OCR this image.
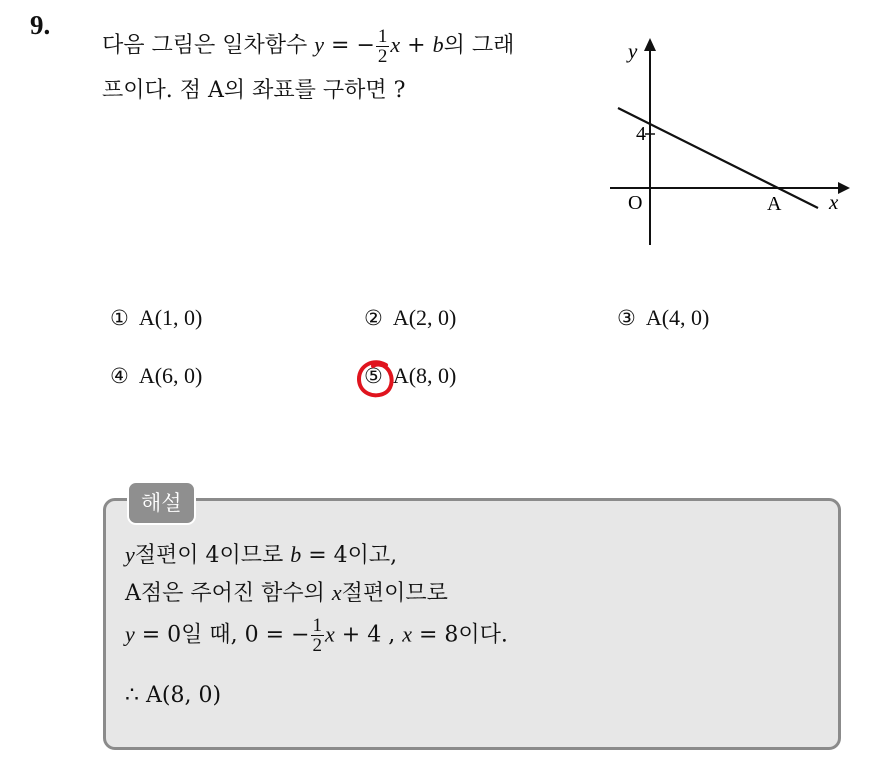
9.
다음 그림은 일차함수 y = − $\frac{1}{2}$ x + b의 그래
프이다. 점 A의 좌표를 구하면 ?
y
4
O	A x
① A(1, 0)	② A(2, 0)	③ A(4, 0)
④ A(6, 0)	⑤ A(8, 0)
해설
y절편이 4이므로 b = 4이고,
A점은 주어진 함수의 x절편이므로
y = 0일 때, 0 = − $\frac{1}{2}$ x + 4 , x = 8이다.
∴ A(8, 0)
